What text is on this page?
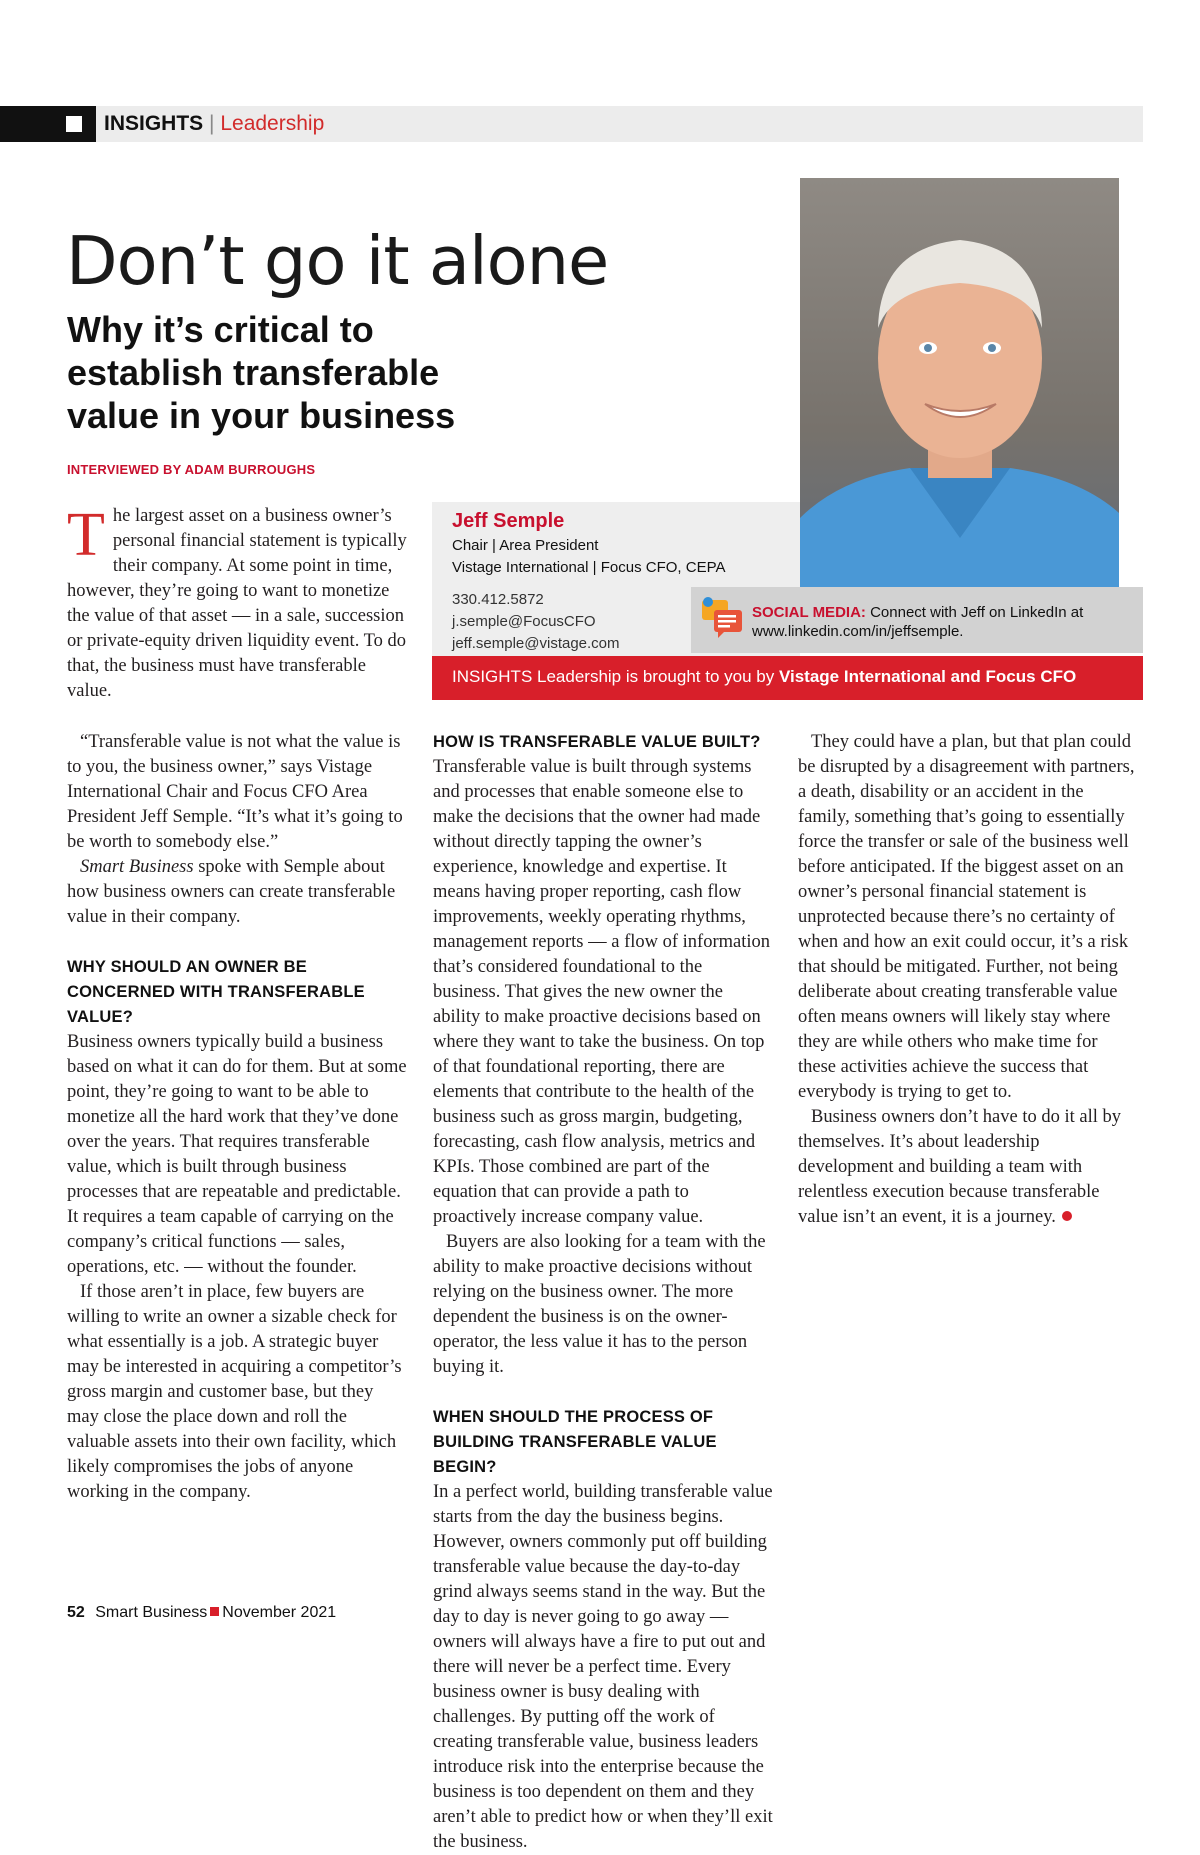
INSIGHTS | Leadership
Don’t go it alone
Why it’s critical to establish transferable value in your business
INTERVIEWED BY ADAM BURROUGHS
Jeff Semple
Chair | Area President
Vistage International | Focus CFO, CEPA
330.412.5872
j.semple@FocusCFO
jeff.semple@vistage.com
SOCIAL MEDIA: Connect with Jeff on LinkedIn at www.linkedin.com/in/jeffsemple.
INSIGHTS Leadership is brought to you by Vistage International and Focus CFO
T he largest asset on a business owner’s personal financial statement is typically their company. At some point in time, however, they’re going to want to monetize the value of that asset — in a sale, succession or private-equity driven liquidity event. To do that, the business must have transferable value.

“Transferable value is not what the value is to you, the business owner,” says Vistage International Chair and Focus CFO Area President Jeff Semple. “It’s what it’s going to be worth to somebody else.”

Smart Business spoke with Semple about how business owners can create transferable value in their company.

WHY SHOULD AN OWNER BE CONCERNED WITH TRANSFERABLE VALUE?

Business owners typically build a business based on what it can do for them. But at some point, they’re going to want to be able to monetize all the hard work that they’ve done over the years. That requires transferable value, which is built through business processes that are repeatable and predictable. It requires a team capable of carrying on the company’s critical functions — sales, operations, etc. — without the founder.

If those aren’t in place, few buyers are willing to write an owner a sizable check for what essentially is a job. A strategic buyer may be interested in acquiring a competitor’s gross margin and customer base, but they may close the place down and roll the valuable assets into their own facility, which likely compromises the jobs of anyone working in the company.

HOW IS TRANSFERABLE VALUE BUILT?

Transferable value is built through systems and processes that enable someone else to make the decisions that the owner had made without directly tapping the owner’s experience, knowledge and expertise. It means having proper reporting, cash flow improvements, weekly operating rhythms, management reports — a flow of information that’s considered foundational to the business. That gives the new owner the ability to make proactive decisions based on where they want to take the business. On top of that foundational reporting, there are elements that contribute to the health of the business such as gross margin, budgeting, forecasting, cash flow analysis, metrics and KPIs. Those combined are part of the equation that can provide a path to proactively increase company value.

Buyers are also looking for a team with the ability to make proactive decisions without relying on the business owner. The more dependent the business is on the owner-operator, the less value it has to the person buying it.

WHEN SHOULD THE PROCESS OF BUILDING TRANSFERABLE VALUE BEGIN?

In a perfect world, building transferable value starts from the day the business begins. However, owners commonly put off building transferable value because the day-to-day grind always seems stand in the way. But the day to day is never going to go away — owners will always have a fire to put out and there will never be a perfect time. Every business owner is busy dealing with challenges. By putting off the work of creating transferable value, business leaders introduce risk into the enterprise because the business is too dependent on them and they aren’t able to predict how or when they’ll exit the business.

They could have a plan, but that plan could be disrupted by a disagreement with partners, a death, disability or an accident in the family, something that’s going to essentially force the transfer or sale of the business well before anticipated. If the biggest asset on an owner’s personal financial statement is unprotected because there’s no certainty of when and how an exit could occur, it’s a risk that should be mitigated. Further, not being deliberate about creating transferable value often means owners will likely stay where they are while others who make time for these activities achieve the success that everybody is trying to get to.

Business owners don’t have to do it all by themselves. It’s about leadership development and building a team with relentless execution because transferable value isn’t an event, it is a journey.

52 Smart Business November 2021
